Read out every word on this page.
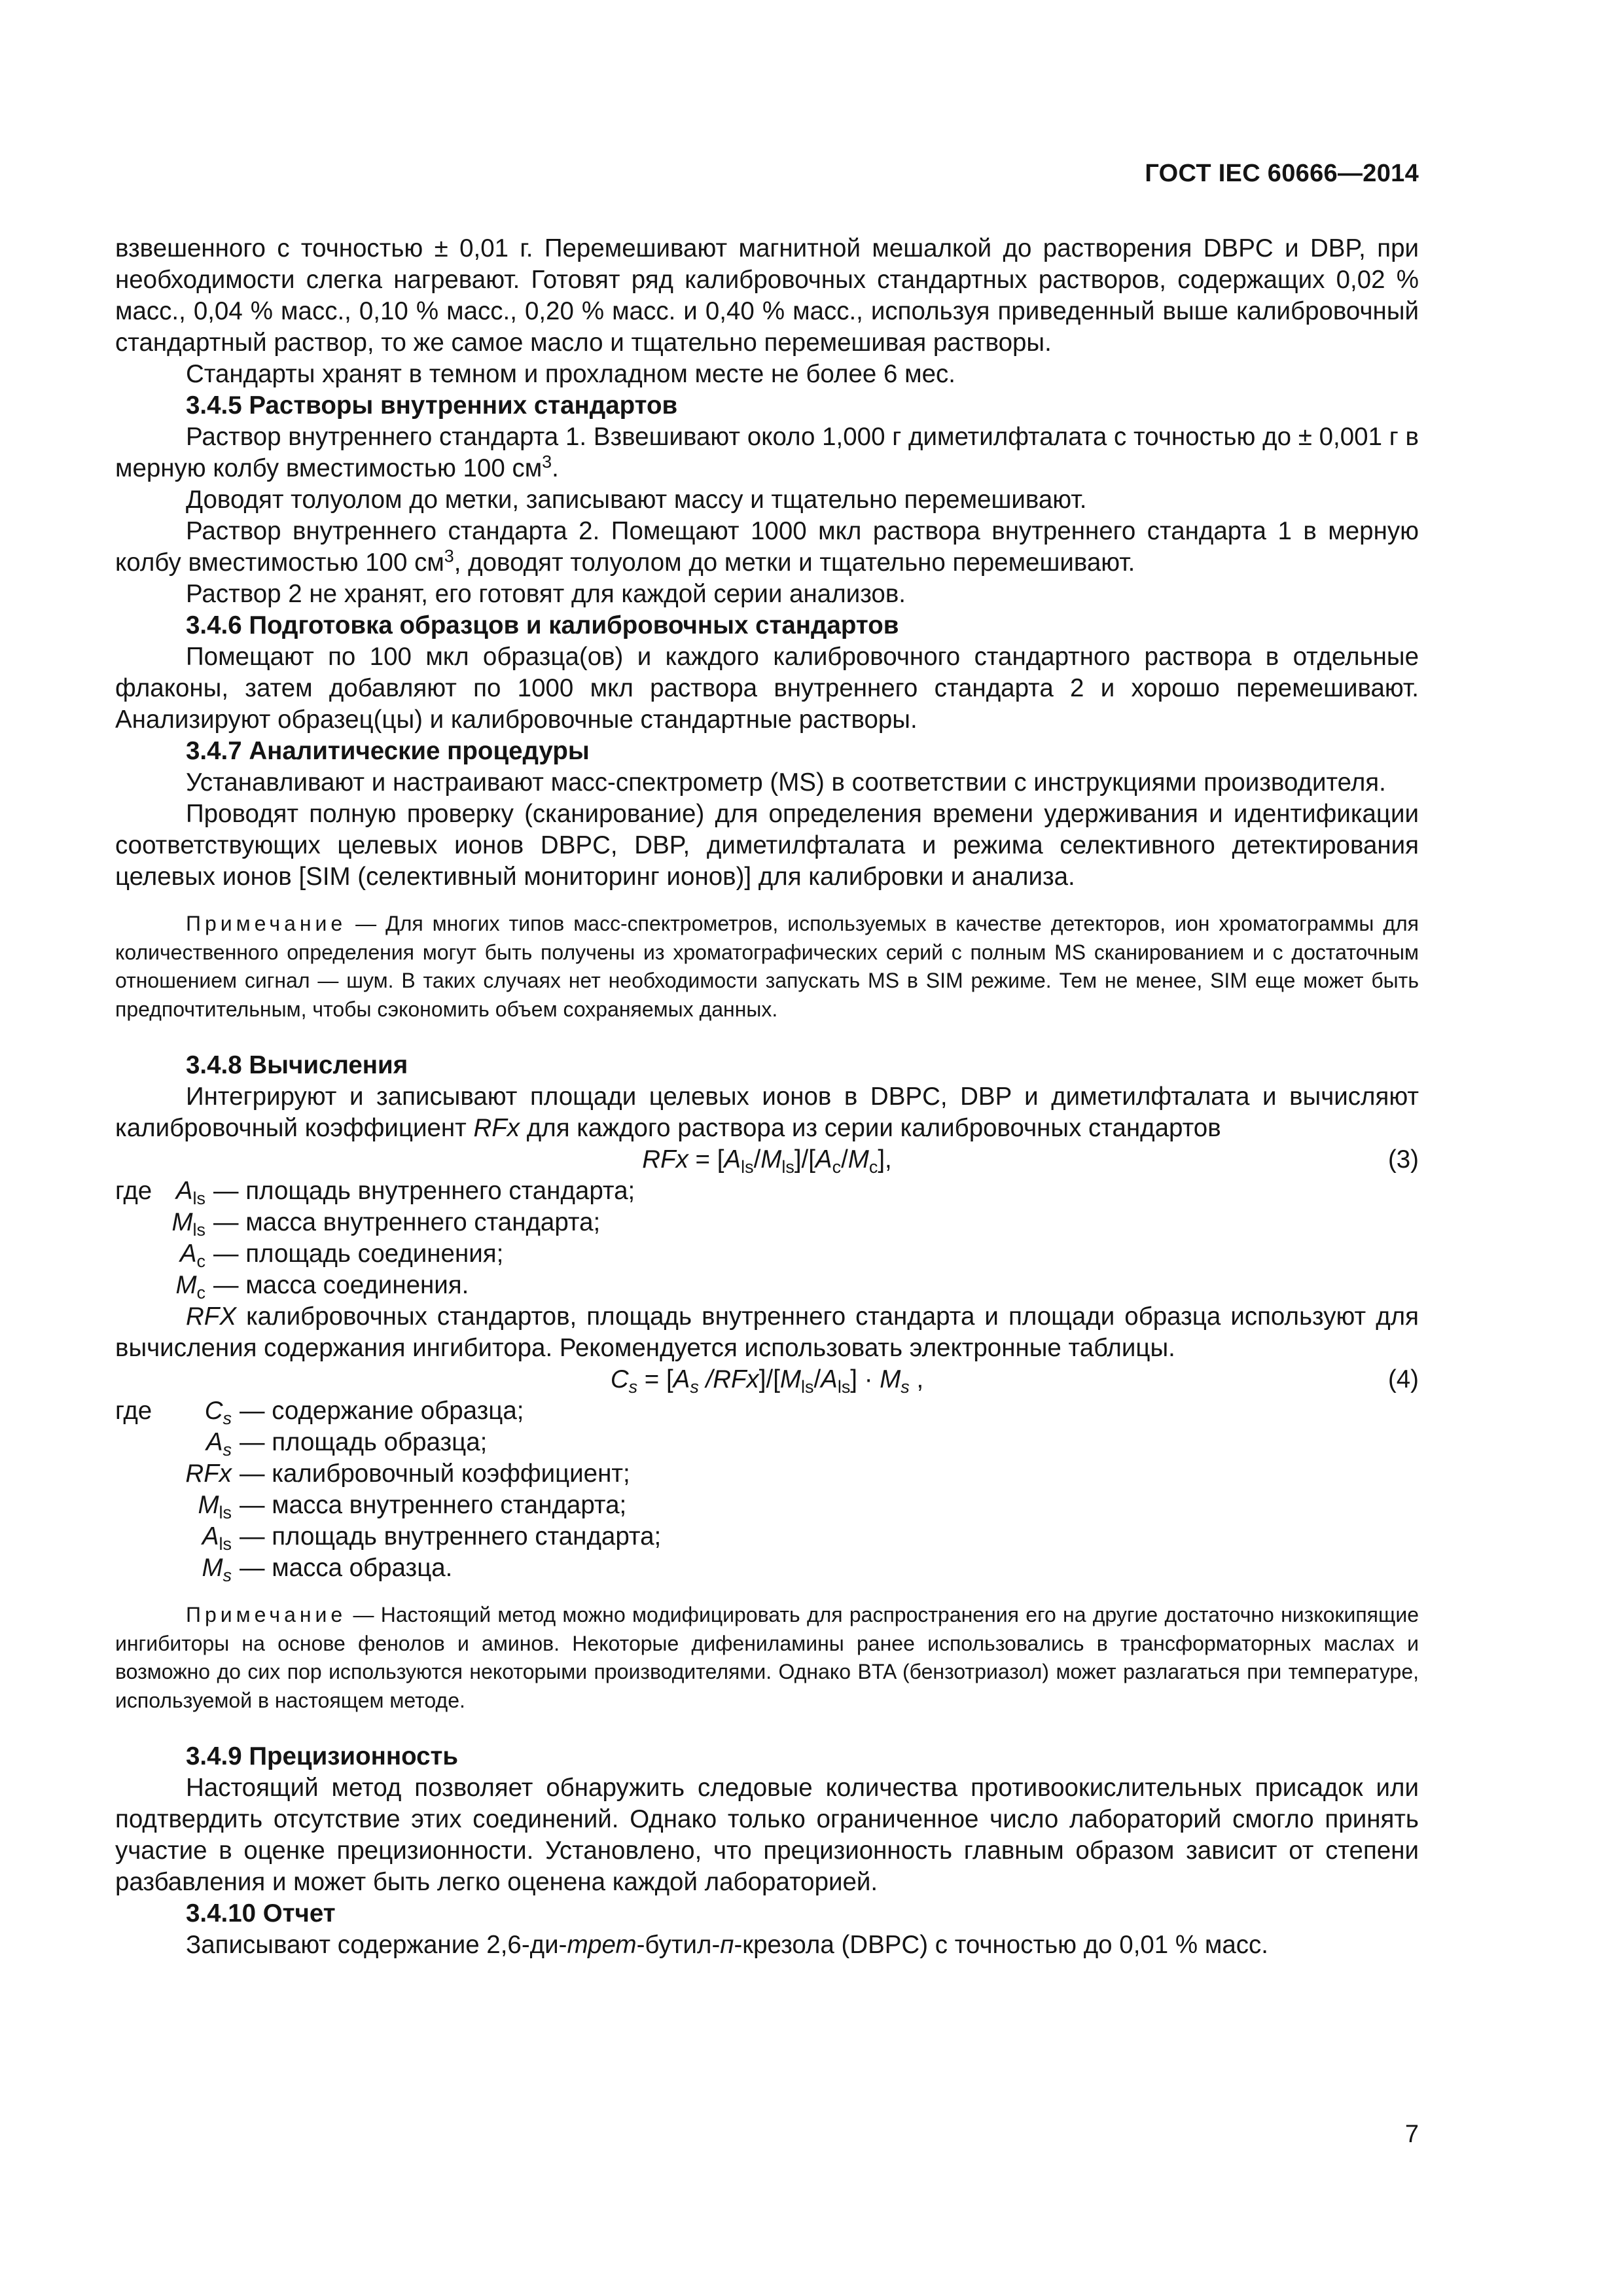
ГОСТ IEC 60666—2014

взвешенного с точностью ± 0,01 г. Перемешивают магнитной мешалкой до растворения DBPC и DBP, при необходимости слегка нагревают. Готовят ряд калибровочных стандартных растворов, содержащих 0,02 % масс., 0,04 % масс., 0,10 % масс., 0,20 % масс. и 0,40 % масс., используя приведенный выше калибровочный стандартный раствор, то же самое масло и тщательно перемешивая растворы.

Стандарты хранят в темном и прохладном месте не более 6 мес.

3.4.5 Растворы внутренних стандартов

Раствор внутреннего стандарта 1. Взвешивают около 1,000 г диметилфталата с точностью до ± 0,001 г в мерную колбу вместимостью 100 $см^3$.

Доводят толуолом до метки, записывают массу и тщательно перемешивают.

Раствор внутреннего стандарта 2. Помещают 1000 мкл раствора внутреннего стандарта 1 в мерную колбу вместимостью 100 $см^3$, доводят толуолом до метки и тщательно перемешивают.

Раствор 2 не хранят, его готовят для каждой серии анализов.

3.4.6 Подготовка образцов и калибровочных стандартов

Помещают по 100 мкл образца(ов) и каждого калибровочного стандартного раствора в отдельные флаконы, затем добавляют по 1000 мкл раствора внутреннего стандарта 2 и хорошо перемешивают. Анализируют образец(цы) и калибровочные стандартные растворы.

3.4.7 Аналитические процедуры

Устанавливают и настраивают масс-спектрометр (MS) в соответствии с инструкциями производителя.

Проводят полную проверку (сканирование) для определения времени удерживания и идентификации соответствующих целевых ионов DBPC, DBP, диметилфталата и режима селективного детектирования целевых ионов [SIM (селективный мониторинг ионов)] для калибровки и анализа.

Примечание — Для многих типов масс-спектрометров, используемых в качестве детекторов, ион хроматограммы для количественного определения могут быть получены из хроматографических серий с полным MS сканированием и с достаточным отношением сигнал — шум. В таких случаях нет необходимости запускать MS в SIM режиме. Тем не менее, SIM еще может быть предпочтительным, чтобы сэкономить объем сохраняемых данных.

3.4.8 Вычисления

Интегрируют и записывают площади целевых ионов в DBPC, DBP и диметилфталата и вычисляют калибровочный коэффициент RFx для каждого раствора из серии калибровочных стандартов

RFx = $[A_{ls}/M_{ls}]/[A_c/M_c]$,	(3)
где $A_{ls}$ — площадь внутреннего стандарта;
$M_{ls}$ — масса внутреннего стандарта;
$A_c$ — площадь соединения;
$M_c$ — масса соединения.

RFX калибровочных стандартов, площадь внутреннего стандарта и площади образца используют для вычисления содержания ингибитора. Рекомендуется использовать электронные таблицы.

$C_s = [A_s$ $/RFx]/[M_{ls}/A_{ls}] \cdot M_s$ ,	(4)
где	$C_s$ — содержание образца;
$A_s$ — площадь образца;
RFx — калибровочный коэффициент;
$M_{ls}$ — масса внутреннего стандарта;
$A_{ls}$ — площадь внутреннего стандарта;
$M_s$ — масса образца.

Примечание — Настоящий метод можно модифицировать для распространения его на другие достаточно низкокипящие ингибиторы на основе фенолов и аминов. Некоторые дифениламины ранее использовались в трансформаторных маслах и возможно до сих пор используются некоторыми производителями. Однако BTA (бензотриазол) может разлагаться при температуре, используемой в настоящем методе.

3.4.9 Прецизионность

Настоящий метод позволяет обнаружить следовые количества противоокислительных присадок или подтвердить отсутствие этих соединений. Однако только ограниченное число лабораторий смогло принять участие в оценке прецизионности. Установлено, что прецизионность главным образом зависит от степени разбавления и может быть легко оценена каждой лабораторией.

3.4.10 Отчет

Записывают содержание 2,6-ди-трет-бутил-п-крезола (DBPC) с точностью до 0,01 % масс.

7
